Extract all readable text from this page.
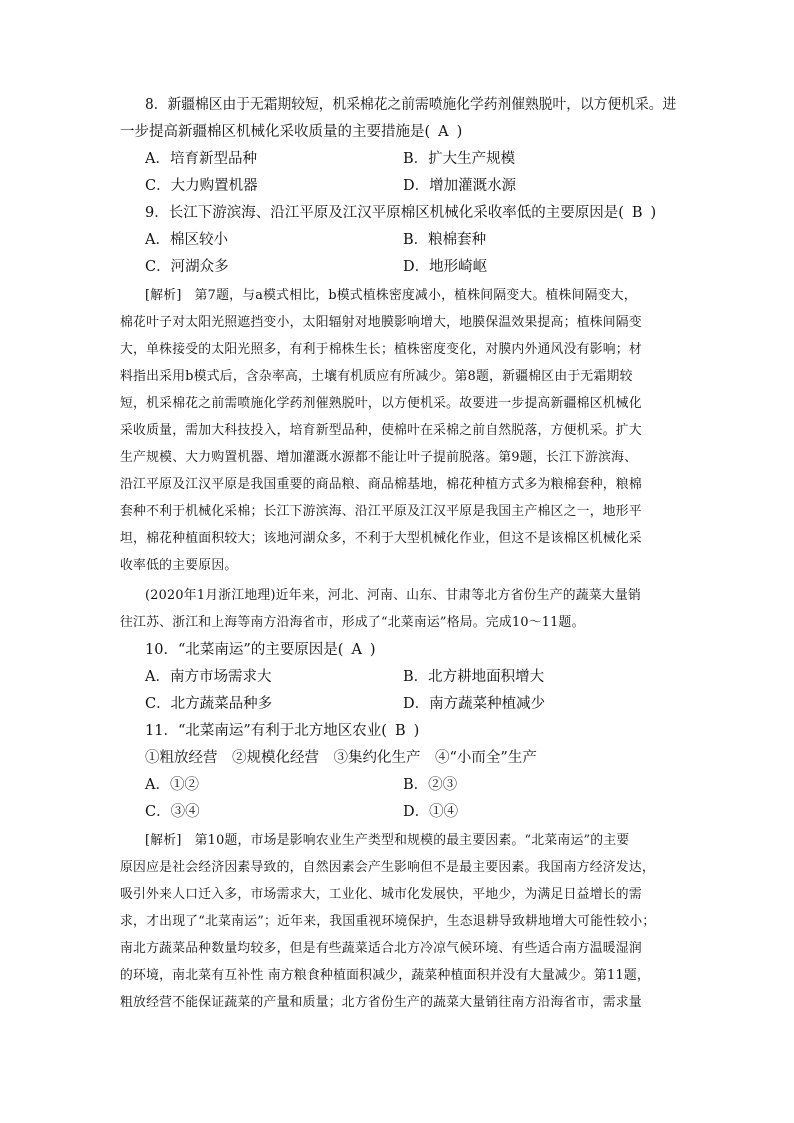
8．新疆棉区由于无霜期较短，机采棉花之前需喷施化学药剂催熟脱叶，以方便机采。进
一步提高新疆棉区机械化采收质量的主要措施是( A )
A．培育新型品种	B．扩大生产规模
C．大力购置机器	D．增加灌溉水源
9．长江下游滨海、沿江平原及江汉平原棉区机械化采收率低的主要原因是( B )
A．棉区较小	B．粮棉套种
C．河湖众多	D．地形崎岖
[解析]　第7题，与a模式相比，b模式植株密度减小，植株间隔变大。植株间隔变大，
棉花叶子对太阳光照遮挡变小，太阳辐射对地膜影响增大，地膜保温效果提高；植株间隔变
大，单株接受的太阳光照多，有利于棉株生长；植株密度变化，对膜内外通风没有影响；材
料指出采用b模式后，含杂率高，土壤有机质应有所减少。第8题，新疆棉区由于无霜期较
短，机采棉花之前需喷施化学药剂催熟脱叶，以方便机采。故要进一步提高新疆棉区机械化
采收质量，需加大科技投入，培育新型品种，使棉叶在采棉之前自然脱落，方便机采。扩大
生产规模、大力购置机器、增加灌溉水源都不能让叶子提前脱落。第9题，长江下游滨海、
沿江平原及江汉平原是我国重要的商品粮、商品棉基地，棉花种植方式多为粮棉套种，粮棉
套种不利于机械化采棉；长江下游滨海、沿江平原及江汉平原是我国主产棉区之一，地形平
坦，棉花种植面积较大；该地河湖众多，不利于大型机械化作业，但这不是该棉区机械化采
收率低的主要原因。
(2020年1月浙江地理)近年来，河北、河南、山东、甘肃等北方省份生产的蔬菜大量销
往江苏、浙江和上海等南方沿海省市，形成了“北菜南运”格局。完成10～11题。
10．“北菜南运”的主要原因是( A )
A．南方市场需求大	B．北方耕地面积增大
C．北方蔬菜品种多	D．南方蔬菜种植减少
11．“北菜南运”有利于北方地区农业( B )
①粗放经营　②规模化经营　③集约化生产　④“小而全”生产
A．①②	B．②③
C．③④	D．①④
[解析]　第10题，市场是影响农业生产类型和规模的最主要因素。“北菜南运”的主要
原因应是社会经济因素导致的，自然因素会产生影响但不是最主要因素。我国南方经济发达，
吸引外来人口迁入多，市场需求大，工业化、城市化发展快，平地少，为满足日益增长的需
求，才出现了“北菜南运”；近年来，我国重视环境保护，生态退耕导致耕地增大可能性较小；
南北方蔬菜品种数量均较多，但是有些蔬菜适合北方冷凉气候环境、有些适合南方温暖湿润
的环境，南北菜有互补性 南方粮食种植面积减少，蔬菜种植面积并没有大量减少。第11题，
粗放经营不能保证蔬菜的产量和质量；北方省份生产的蔬菜大量销往南方沿海省市，需求量
